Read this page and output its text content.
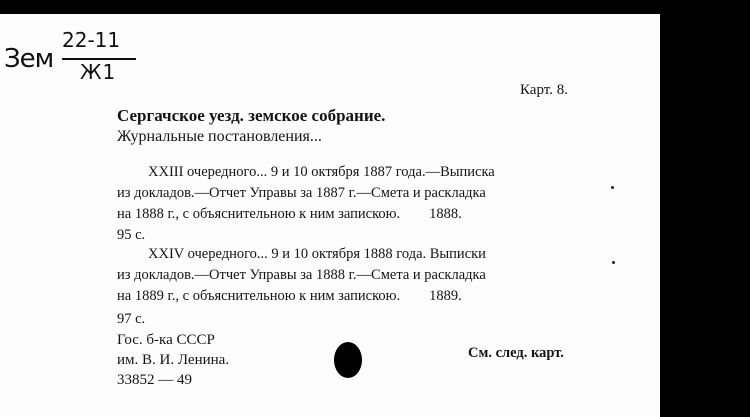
Зем
22-11
Ж1
Карт. 8.
Сергачское уезд. земское собрание.
Журнальные постановления...
XXIII очередного... 9 и 10 октября 1887 года.—Выписка
из докладов.—Отчет Управы за 1887 г.—Смета и раскладка
на 1888 г., с объяснительною к ним запискою.        1888.
95 с.
XXIV очередного... 9 и 10 октября 1888 года. Выписки
из докладов.—Отчет Управы за 1888 г.—Смета и раскладка
на 1889 г., с объяснительною к ним запискою.        1889.
97 с.
Гос. б-ка СССР
им. В. И. Ленина.
33852 — 49
См. след. карт.
